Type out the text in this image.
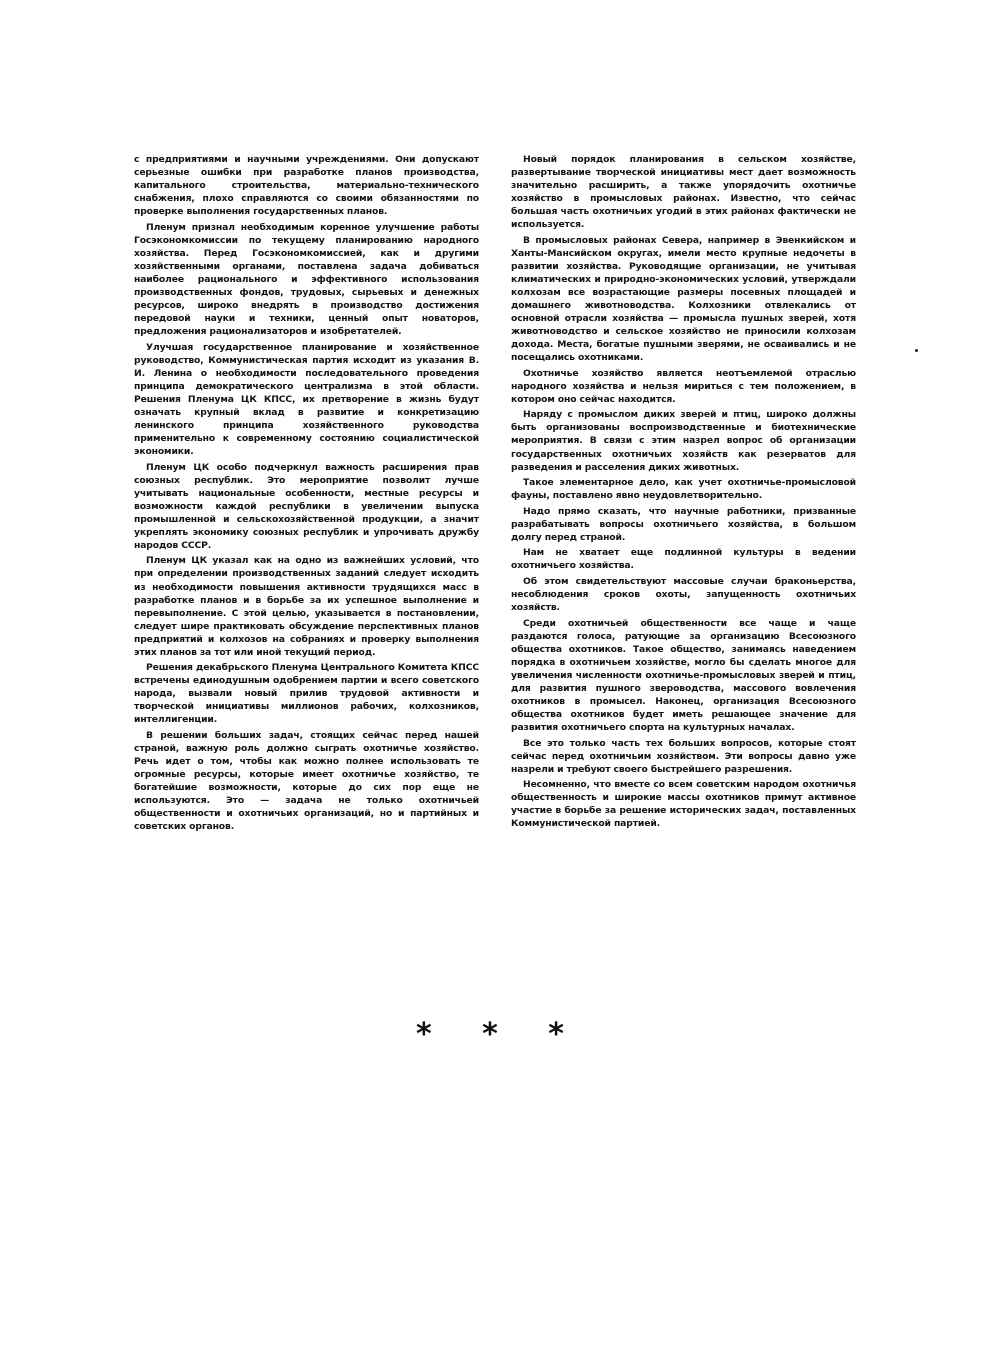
с предприятиями и научными учреждениями. Они допускают серьезные ошибки при разработке планов производства, капитального строительства, материально-технического снабжения, плохо справляются со своими обязанностями по проверке выполнения государственных планов.

Пленум признал необходимым коренное улучшение работы Госэкономкомиссии по текущему планированию народного хозяйства. Перед Госэкономкомиссией, как и другими хозяйственными органами, поставлена задача добиваться наиболее рационального и эффективного использования производственных фондов, трудовых, сырьевых и денежных ресурсов, широко внедрять в производство достижения передовой науки и техники, ценный опыт новаторов, предложения рационализаторов и изобретателей.

Улучшая государственное планирование и хозяйственное руководство, Коммунистическая партия исходит из указания В. И. Ленина о необходимости последовательного проведения принципа демократического централизма в этой области. Решения Пленума ЦК КПСС, их претворение в жизнь будут означать крупный вклад в развитие и конкретизацию ленинского принципа хозяйственного руководства применительно к современному состоянию социалистической экономики.

Пленум ЦК особо подчеркнул важность расширения прав союзных республик. Это мероприятие позволит лучше учитывать национальные особенности, местные ресурсы и возможности каждой республики в увеличении выпуска промышленной и сельскохозяйственной продукции, а значит укреплять экономику союзных республик и упрочивать дружбу народов СССР.

Пленум ЦК указал как на одно из важнейших условий, что при определении производственных заданий следует исходить из необходимости повышения активности трудящихся масс в разработке планов и в борьбе за их успешное выполнение и перевыполнение. С этой целью, указывается в постановлении, следует шире практиковать обсуждение перспективных планов предприятий и колхозов на собраниях и проверку выполнения этих планов за тот или иной текущий период.

Решения декабрьского Пленума Центрального Комитета КПСС встречены единодушным одобрением партии и всего советского народа, вызвали новый прилив трудовой активности и творческой инициативы миллионов рабочих, колхозников, интеллигенции.

В решении больших задач, стоящих сейчас перед нашей страной, важную роль должно сыграть охотничье хозяйство. Речь идет о том, чтобы как можно полнее использовать те огромные ресурсы, которые имеет охотничье хозяйство, те богатейшие возможности, которые до сих пор еще не используются. Это — задача не только охотничьей общественности и охотничьих организаций, но и партийных и советских органов.

Новый порядок планирования в сельском хозяйстве, развертывание творческой инициативы мест дает возможность значительно расширить, а также упорядочить охотничье хозяйство в промысловых районах. Известно, что сейчас большая часть охотничьих угодий в этих районах фактически не используется.

В промысловых районах Севера, например в Эвенкийском и Ханты-Мансийском округах, имели место крупные недочеты в развитии хозяйства. Руководящие организации, не учитывая климатических и природно-экономических условий, утверждали колхозам все возрастающие размеры посевных площадей и домашнего животноводства. Колхозники отвлекались от основной отрасли хозяйства — промысла пушных зверей, хотя животноводство и сельское хозяйство не приносили колхозам дохода. Места, богатые пушными зверями, не осваивались и не посещались охотниками.

Охотничье хозяйство является неотъемлемой отраслью народного хозяйства и нельзя мириться с тем положением, в котором оно сейчас находится.

Наряду с промыслом диких зверей и птиц, широко должны быть организованы воспроизводственные и биотехнические мероприятия. В связи с этим назрел вопрос об организации государственных охотничьих хозяйств как резерватов для разведения и расселения диких животных.

Такое элементарное дело, как учет охотничье-промысловой фауны, поставлено явно неудовлетворительно.

Надо прямо сказать, что научные работники, призванные разрабатывать вопросы охотничьего хозяйства, в большом долгу перед страной.

Нам не хватает еще подлинной культуры в ведении охотничьего хозяйства.

Об этом свидетельствуют массовые случаи браконьерства, несоблюдения сроков охоты, запущенность охотничьих хозяйств.

Среди охотничьей общественности все чаще и чаще раздаются голоса, ратующие за организацию Всесоюзного общества охотников. Такое общество, занимаясь наведением порядка в охотничьем хозяйстве, могло бы сделать многое для увеличения численности охотничье-промысловых зверей и птиц, для развития пушного звероводства, массового вовлечения охотников в промысел. Наконец, организация Всесоюзного общества охотников будет иметь решающее значение для развития охотничьего спорта на культурных началах.

Все это только часть тех больших вопросов, которые стоят сейчас перед охотничьим хозяйством. Эти вопросы давно уже назрели и требуют своего быстрейшего разрешения.

Несомненно, что вместе со всем советским народом охотничья общественность и широкие массы охотников примут активное участие в борьбе за решение исторических задач, поставленных Коммунистической партией.

* * *
